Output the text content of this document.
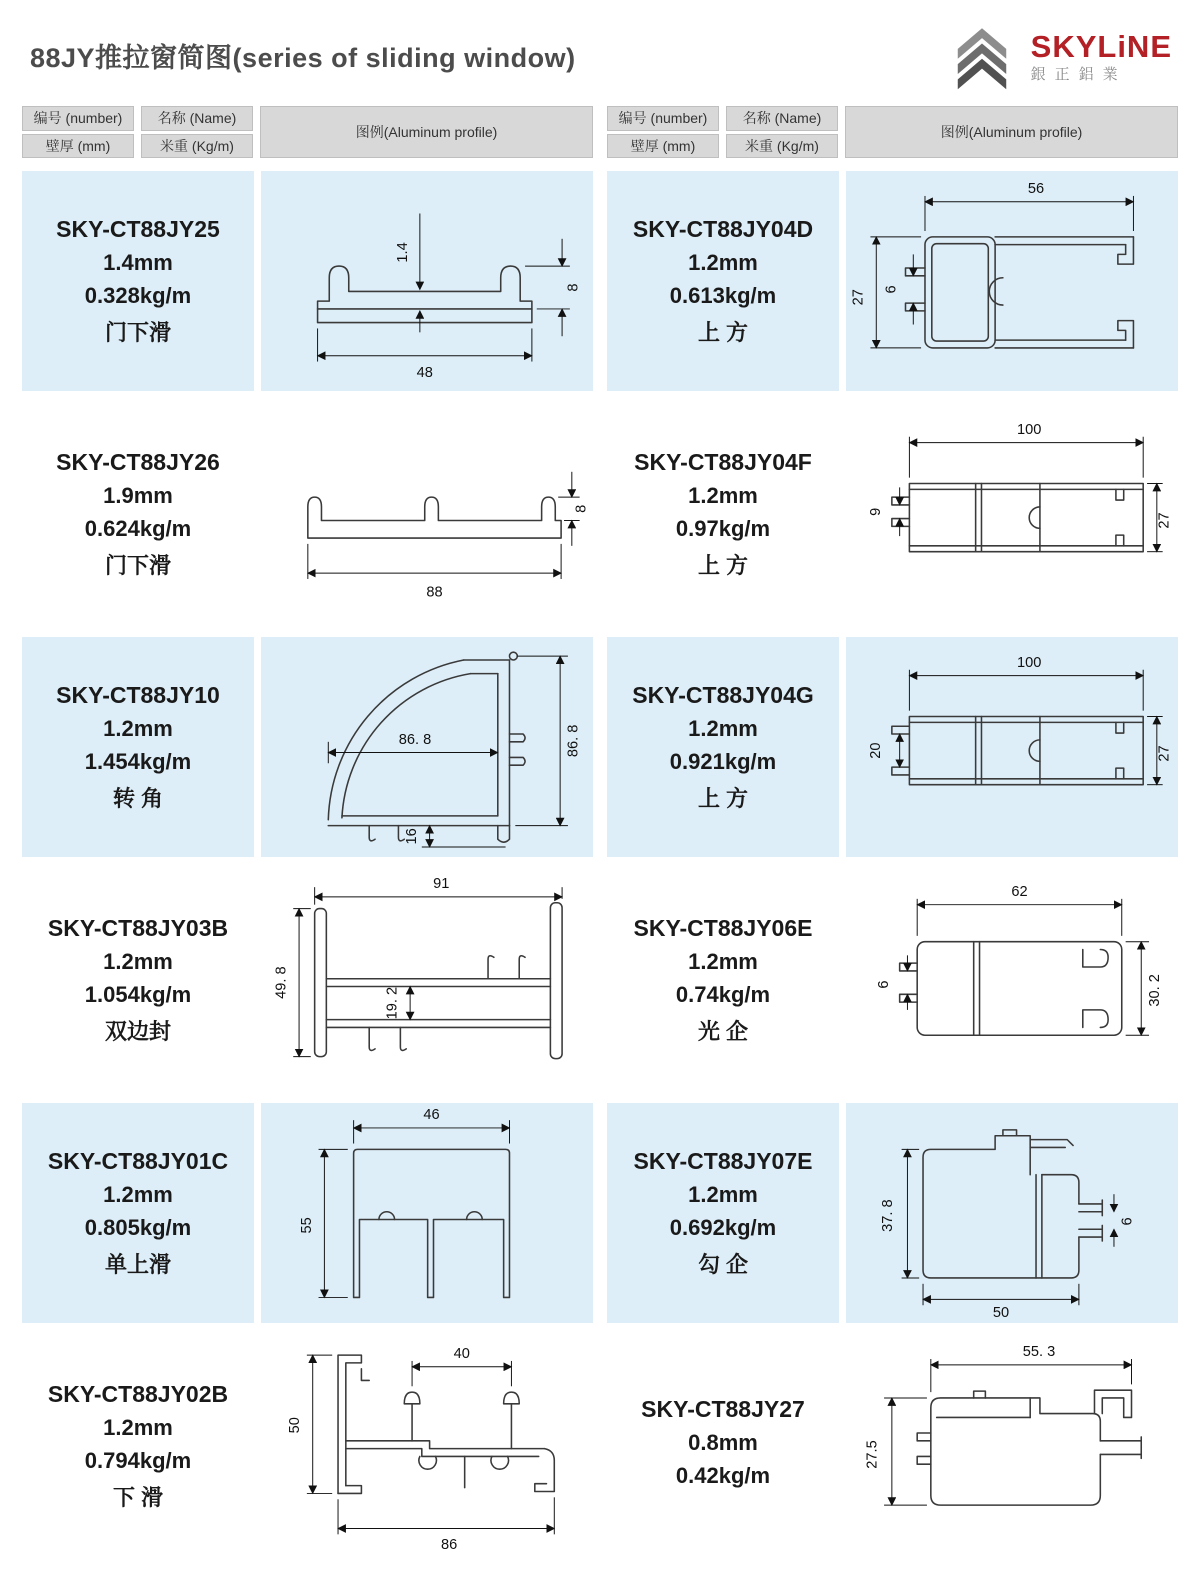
88JY推拉窗简图(series of sliding window)	SKYLiNE
銀正鋁業
编号 (number)
壁厚 (mm)
名称 (Name)
米重 (Kg/m)
图例(Aluminum profile)
SKY-CT88JY25
1.4mm
0.328kg/m
门下滑
1.4
8
48
SKY-CT88JY26
1.9mm
0.624kg/m
门下滑
8
88
SKY-CT88JY10
1.2mm
1.454kg/m
转 角
86. 8	86. 8
16
SKY-CT88JY03B
1.2mm
1.054kg/m
双边封
91
49. 8
19. 2
SKY-CT88JY01C
1.2mm
0.805kg/m
单上滑
46
55
SKY-CT88JY02B
1.2mm
0.794kg/m
下 滑
40
50
86
编号 (number)
壁厚 (mm)
名称 (Name)
米重 (Kg/m)
图例(Aluminum profile)
SKY-CT88JY04D
1.2mm
0.613kg/m
上 方
56
27 6
SKY-CT88JY04F
1.2mm
0.97kg/m
上 方
100
9
27
SKY-CT88JY04G
1.2mm
0.921kg/m
上 方
100
20	27
SKY-CT88JY06E
1.2mm
0.74kg/m
光 企
62
6	30. 2
SKY-CT88JY07E
1.2mm
0.692kg/m
勾 企
37. 8	6
50
SKY-CT88JY27
0.8mm
0.42kg/m
55. 3
27.5
